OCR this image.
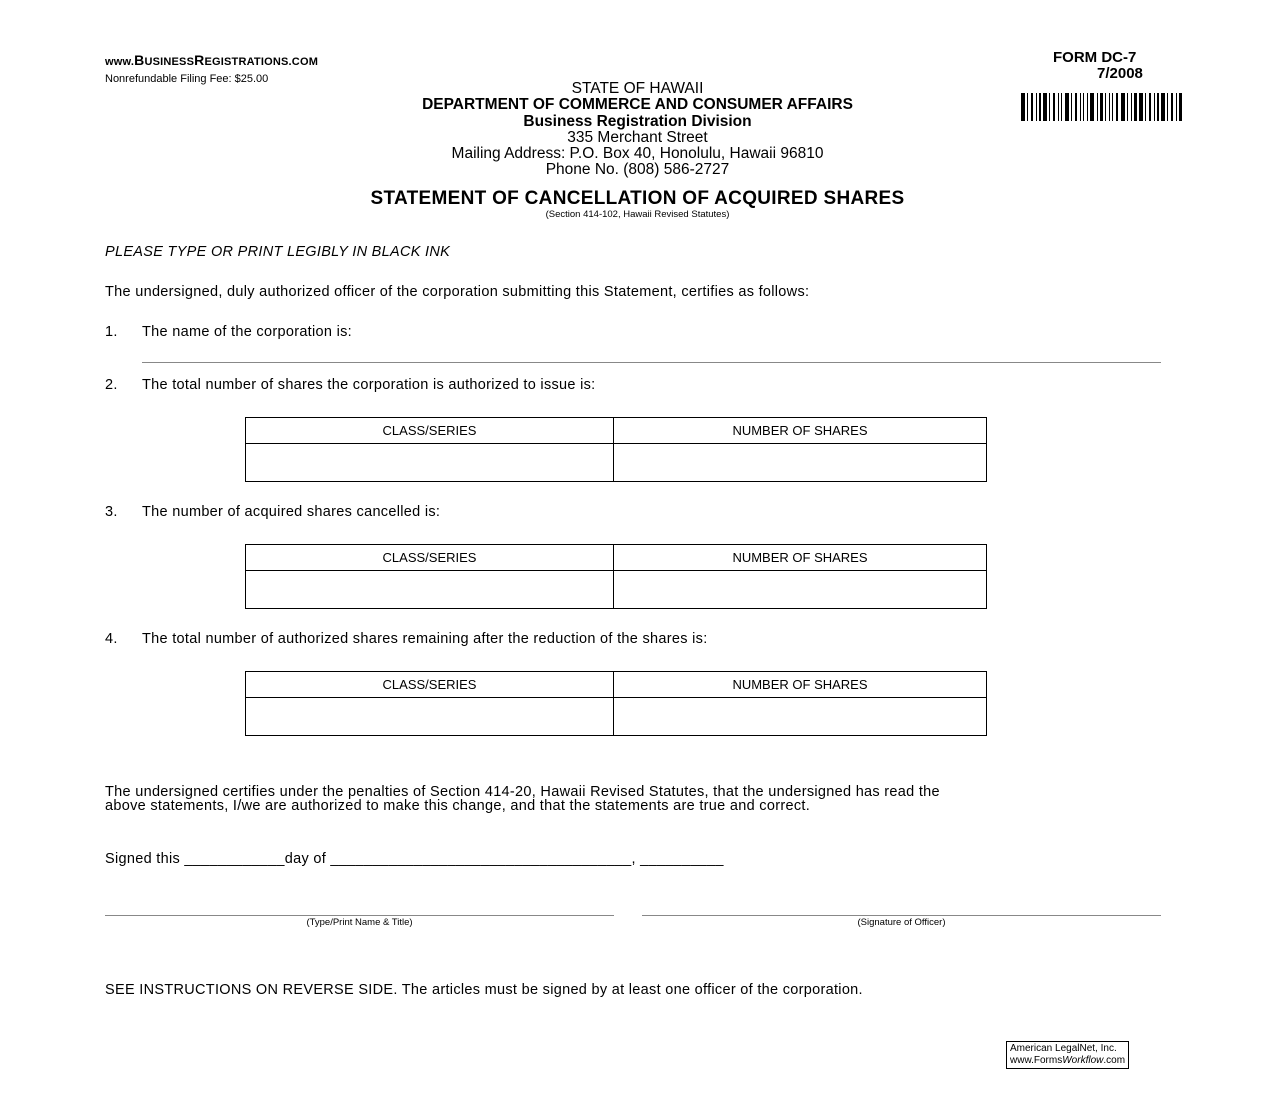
www.BUSINESSREGISTRATIONS.COM
Nonrefundable Filing Fee: $25.00
FORM DC-7
7/2008
STATE OF HAWAII
DEPARTMENT OF COMMERCE AND CONSUMER AFFAIRS
Business Registration Division
335 Merchant Street
Mailing Address: P.O. Box 40, Honolulu, Hawaii 96810
Phone No. (808) 586-2727
STATEMENT OF CANCELLATION OF ACQUIRED SHARES
(Section 414-102, Hawaii Revised Statutes)
PLEASE TYPE OR PRINT LEGIBLY IN BLACK INK
The undersigned, duly authorized officer of the corporation submitting this Statement, certifies as follows:
1. The name of the corporation is:
2. The total number of shares the corporation is authorized to issue is:
CLASS/SERIES	NUMBER OF SHARES

3. The number of acquired shares cancelled is:
CLASS/SERIES	NUMBER OF SHARES

4. The total number of authorized shares remaining after the reduction of the shares is:
CLASS/SERIES	NUMBER OF SHARES

The undersigned certifies under the penalties of Section 414-20, Hawaii Revised Statutes, that the undersigned has read the
above statements, I/we are authorized to make this change, and that the statements are true and correct.
Signed this ____________day of ____________________________________, __________
(Type/Print Name & Title)	(Signature of Officer)
SEE INSTRUCTIONS ON REVERSE SIDE. The articles must be signed by at least one officer of the corporation.
American LegalNet, Inc.
www.FormsWorkflow.com
